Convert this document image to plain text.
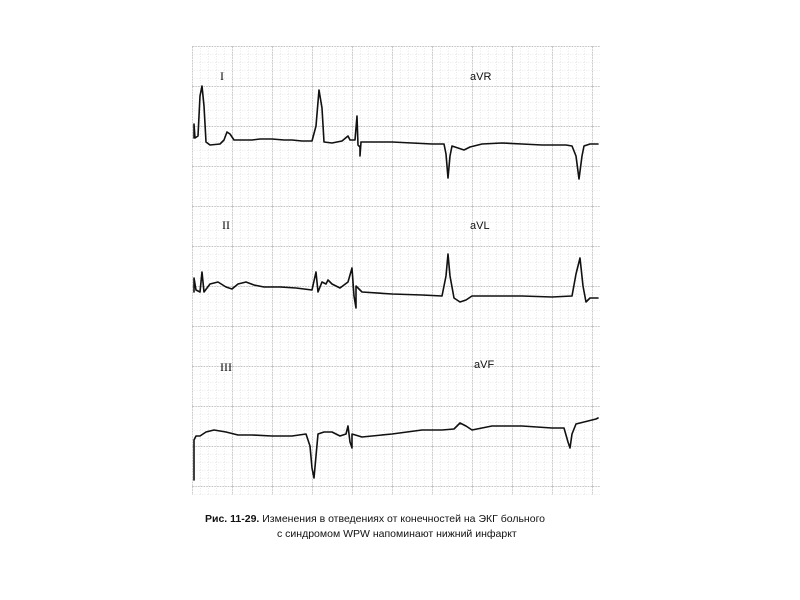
I	aVR
II	aVL
III	aVF
Рис. 11-29. Изменения в отведениях от конечностей на ЭКГ больного
с синдромом WPW напоминают нижний инфаркт
